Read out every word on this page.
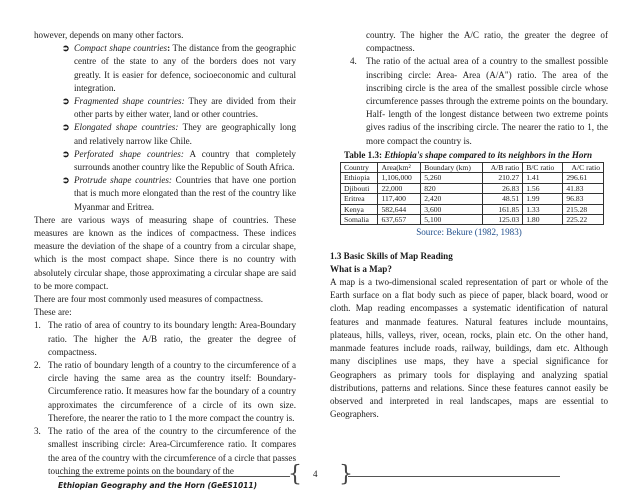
however, depends on many other factors.

➲ Compact shape countries: The distance from the geographic centre of the state to any of the borders does not vary greatly. It is easier for defence, socioeconomic and cultural integration.

➲ Fragmented shape countries: They are divided from their other parts by either water, land or other countries.

➲ Elongated shape countries: They are geographically long and relatively narrow like Chile.

➲ Perforated shape countries: A country that completely surrounds another country like the Republic of South Africa.

➲ Protrude shape countries: Countries that have one portion that is much more elongated than the rest of the country like Myanmar and Eritrea.

There are various ways of measuring shape of countries. These measures are known as the indices of compactness. These indices measure the deviation of the shape of a country from a circular shape, which is the most compact shape. Since there is no country with absolutely circular shape, those approximating a circular shape are said to be more compact.

There are four most commonly used measures of compactness.

These are:

1. The ratio of area of country to its boundary length: Area-Boundary ratio. The higher the A/B ratio, the greater the degree of compactness.

2. The ratio of boundary length of a country to the circumference of a circle having the same area as the country itself: Boundary-Circumference ratio. It measures how far the boundary of a country approximates the circumference of a circle of its own size. Therefore, the nearer the ratio to 1 the more compact the country is.

3. The ratio of the area of the country to the circumference of the smallest inscribing circle: Area-Circumference ratio. It compares the area of the country with the circumference of a circle that passes touching the extreme points on the boundary of the

country. The higher the A/C ratio, the greater the degree of compactness.

4. The ratio of the actual area of a country to the smallest possible inscribing circle: Area- Area (A/A") ratio. The area of the inscribing circle is the area of the smallest possible circle whose circumference passes through the extreme points on the boundary. Half- length of the longest distance between two extreme points gives radius of the inscribing circle. The nearer the ratio to 1, the more compact the country is.

Table 1.3: Ethiopia's shape compared to its neighbors in the Horn

Country	Area(km²	Boundary (km)	A/B ratio	B/C ratio	A/C ratio
Ethiopia	1,106,000	5,260	210.27	1.41	296.61
Djibouti	22,000	820	26.83	1.56	41.83
Eritrea	117,400	2,420	48.51	1.99	96.83
Kenya	582,644	3,600	161.85	1.33	215.28
Somalia	637,657	5,100	125.03	1.80	225.22

Source: Bekure (1982, 1983)

1.3 Basic Skills of Map Reading

What is a Map?

A map is a two-dimensional scaled representation of part or whole of the Earth surface on a flat body such as piece of paper, black board, wood or cloth. Map reading encompasses a systematic identification of natural features and manmade features. Natural features include mountains, plateaus, hills, valleys, river, ocean, rocks, plain etc. On the other hand, manmade features include roads, railway, buildings, dam etc. Although many disciplines use maps, they have a special significance for Geographers as primary tools for displaying and analyzing spatial distributions, patterns and relations. Since these features cannot easily be observed and interpreted in real landscapes, maps are essential to Geographers.

{ }
4
Ethiopian Geography and the Horn (GeES1011)
